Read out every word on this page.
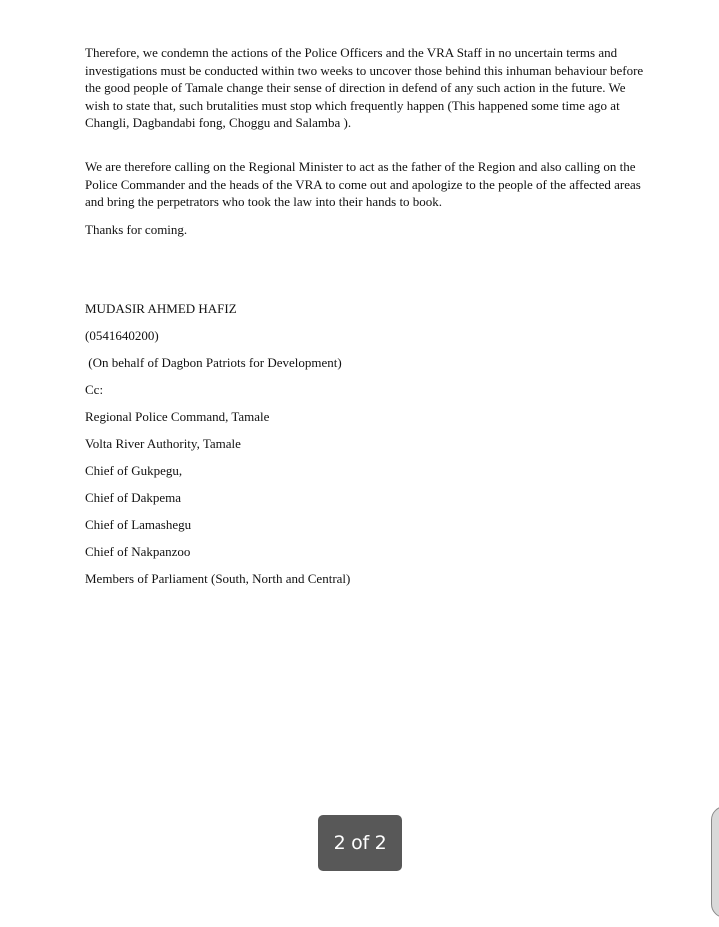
Therefore, we condemn the actions of the Police Officers and the VRA Staff in no uncertain terms and investigations must be conducted within two weeks to uncover those behind this inhuman behaviour before the good people of Tamale change their sense of direction in defend of any such action in the future. We wish to state that, such brutalities must stop which frequently happen (This happened some time ago at Changli, Dagbandabi fong, Choggu and Salamba ).

We are therefore calling on the Regional Minister to act as the father of the Region and also calling on the Police Commander and the heads of the VRA to come out and apologize to the people of the affected areas and bring the perpetrators who took the law into their hands to book.

Thanks for coming.

MUDASIR AHMED HAFIZ
(0541640200)
(On behalf of Dagbon Patriots for Development)
Cc:
Regional Police Command, Tamale
Volta River Authority, Tamale
Chief of Gukpegu,
Chief of Dakpema
Chief of Lamashegu
Chief of Nakpanzoo
Members of Parliament (South, North and Central)
2 of 2
